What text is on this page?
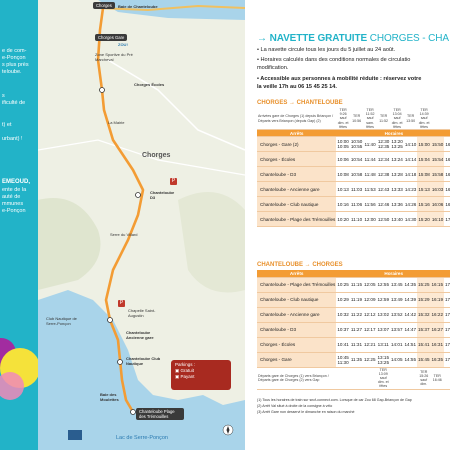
e de com-
e-Ponçon
s plus près
teloube.
s
ificulté de
t) et
urbant) !
EMEOUD,
ente de la
auté de
mmunes
e-Ponçon
Chorges	Baie de Chanteloube
Chorges Gare
ZOU!
Zone Sportive du Pré Marcheval
Chorges Écoles
La Mairie
Chorges
Chanteloube D3
Serre du Villard
Club Nautique de Serre-Ponçon
Chapelle Saint-Augustin
Chanteloube Ancienne gare
Chanteloube Club Nautique
Baie des Moulettes
Chanteloube Plage des Trémouilles
Lac de Serre-Ponçon
P
P
Parkings :
▣ Gratuit
▣ Payant
→ NAVETTE GRATUITE CHORGES - CHA
• La navette circule tous les jours du 5 juillet au 24 août.
• Horaires calculés dans des conditions normales de circulatio
modification.
• Accessible aux personnes à mobilité réduite : réservez votre
la veille 17h au 06 15 45 25 14.
CHORGES → CHANTELOUBE
Arrivées gare de Chorges (1) depuis Briançon / Départs vers Briançon (depuis Gap) (2)	TER 9:26 sauf dim. et fêtes	TER 10:56	TER 11:52 sauf sam. fêtes	TER 11:52	TER 13:04 sauf dim. et fêtes	TER 13:50	TER 14:39 sauf dim. et fêtes		
Arrêts	Horaires								
Chorges - Gare (2)	10:00 10:05	10:50 10:55	11:40	12:30 12:35	13:20 13:25	14:10	15:00	15:50	16
Chorges - Écoles	10:06	10:54	11:44	12:34	13:24	14:14	15:04	15:54	16
Chanteloube - D3	10:08	10:58	11:48	12:38	13:28	14:18	15:08	15:58	16
Chanteloube - Ancienne gare	10:13	11:03	11:53	12:43	13:33	14:23	15:13	16:03	16
Chanteloube - Club nautique	10:16	11:06	11:56	12:46	13:36	14:26	15:16	16:06	16
Chanteloube - Plage des Trémouilles	10:20	11:10	12:00	12:50	13:40	14:30	15:20	16:10	17
CHANTELOUBE → CHORGES
Arrêts	Horaires								
Chanteloube - Plage des Trémouilles	10:25	11:15	12:05	12:55	13:45	14:35	15:25	16:15	17
Chanteloube - Club nautique	10:29	11:19	12:09	12:59	13:49	14:39	15:29	16:19	17
Chanteloube - Ancienne gare	10:32	11:22	12:12	13:02	13:52	14:42	15:32	16:22	17
Chanteloube - D3	10:37	11:27	12:17	13:07	13:57	14:47	15:37	16:27	17
Chorges - Écoles	10:41	11:31	12:21	13:11	14:01	14:51	15:41	16:31	17
Chorges - Gare	10:45 11:30	11:35	12:25	13:15 13:25	14:05	14:55	15:45	16:35	17
Départs gare de Chorges (1) vers Briançon / Départs gare de Chorges (2) vers Gap				TER 13:09 sauf dim. et fêtes			TER 15:26 sauf dim.	TER 16:46	
(1) Tous les horaires de train sur sncf-connect.com. Lorsque de car Zou 68 Gap-Briançon de Gap
(2) Arrêt Val situé à droite de la consigne à vélo
(3) Arrêt Gare non desservi le dimanche en raison du marché
